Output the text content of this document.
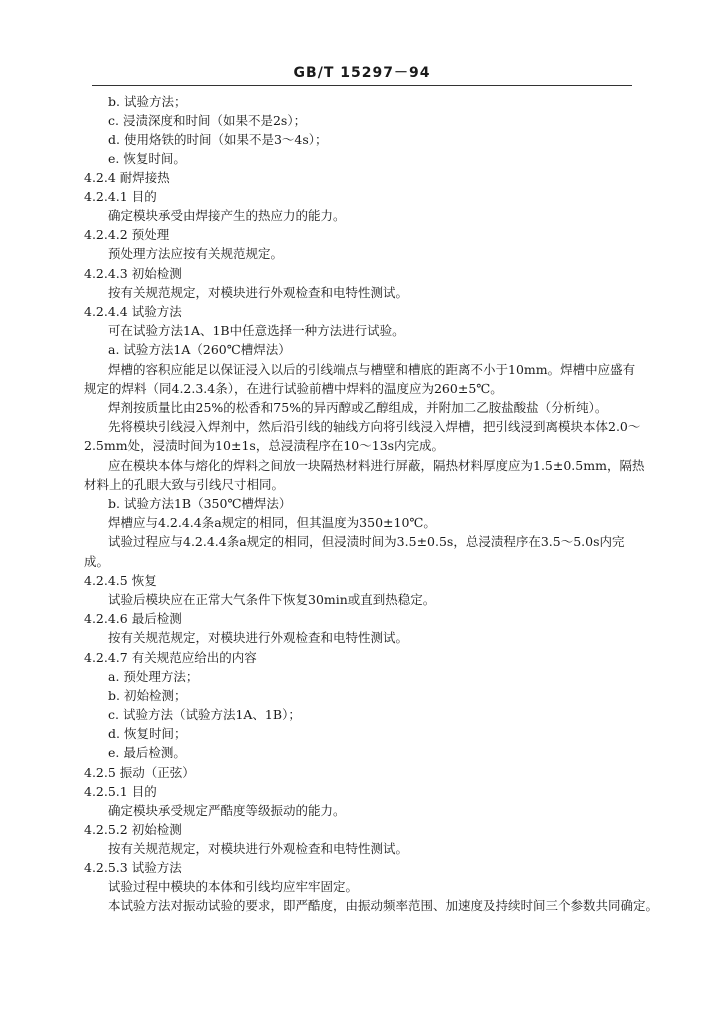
GB/T 15297－94
b. 试验方法；
c. 浸渍深度和时间（如果不是2s）；
d. 使用烙铁的时间（如果不是3～4s）；
e. 恢复时间。
4.2.4 耐焊接热
4.2.4.1 目的
确定模块承受由焊接产生的热应力的能力。
4.2.4.2 预处理
预处理方法应按有关规范规定。
4.2.4.3 初始检测
按有关规范规定，对模块进行外观检查和电特性测试。
4.2.4.4 试验方法
可在试验方法1A、1B中任意选择一种方法进行试验。
a. 试验方法1A（260℃槽焊法）
焊槽的容积应能足以保证浸入以后的引线端点与槽壁和槽底的距离不小于10mm。焊槽中应盛有
规定的焊料（同4.2.3.4条），在进行试验前槽中焊料的温度应为260±5℃。
焊剂按质量比由25%的松香和75%的异丙醇或乙醇组成，并附加二乙胺盐酸盐（分析纯）。
先将模块引线浸入焊剂中，然后沿引线的轴线方向将引线浸入焊槽，把引线浸到离模块本体2.0～
2.5mm处，浸渍时间为10±1s，总浸渍程序在10～13s内完成。
应在模块本体与熔化的焊料之间放一块隔热材料进行屏蔽，隔热材料厚度应为1.5±0.5mm，隔热
材料上的孔眼大致与引线尺寸相同。
b. 试验方法1B（350℃槽焊法）
焊槽应与4.2.4.4条a规定的相同，但其温度为350±10℃。
试验过程应与4.2.4.4条a规定的相同，但浸渍时间为3.5±0.5s，总浸渍程序在3.5～5.0s内完
成。
4.2.4.5 恢复
试验后模块应在正常大气条件下恢复30min或直到热稳定。
4.2.4.6 最后检测
按有关规范规定，对模块进行外观检查和电特性测试。
4.2.4.7 有关规范应给出的内容
a. 预处理方法；
b. 初始检测；
c. 试验方法（试验方法1A、1B）；
d. 恢复时间；
e. 最后检测。
4.2.5 振动（正弦）
4.2.5.1 目的
确定模块承受规定严酷度等级振动的能力。
4.2.5.2 初始检测
按有关规范规定，对模块进行外观检查和电特性测试。
4.2.5.3 试验方法
试验过程中模块的本体和引线均应牢牢固定。
本试验方法对振动试验的要求，即严酷度，由振动频率范围、加速度及持续时间三个参数共同确定。
